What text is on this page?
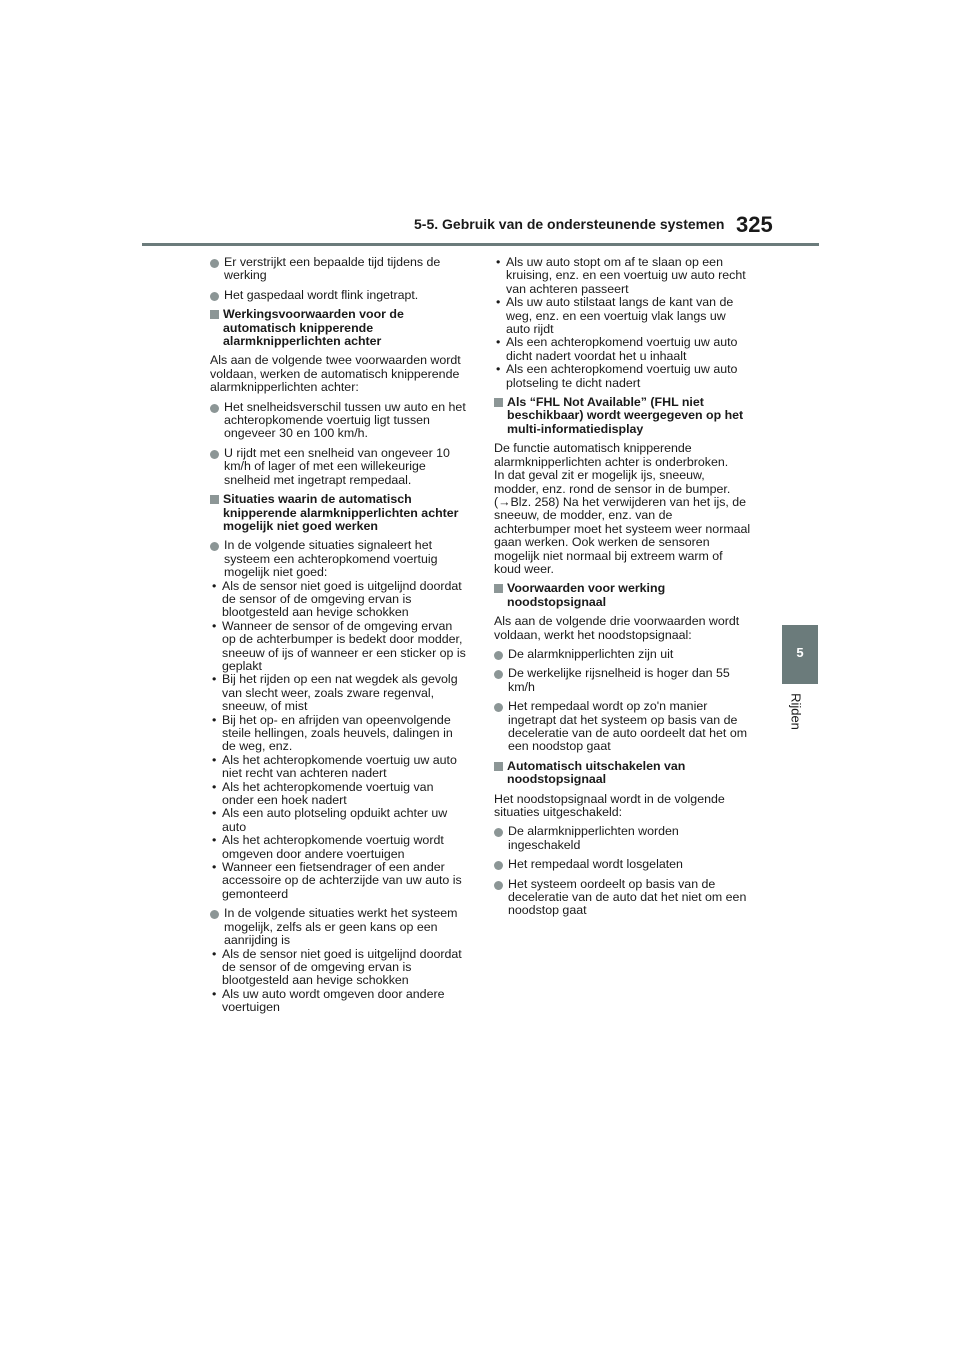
5-5. Gebruik van de ondersteunende systemen 325
5
Rijden
Er verstrijkt een bepaalde tijd tijdens de werking
Het gaspedaal wordt flink ingetrapt.
Werkingsvoorwaarden voor de automatisch knipperende alarmknipperlichten achter
Als aan de volgende twee voorwaarden wordt voldaan, werken de automatisch knipperende alarmknipperlichten achter:
Het snelheidsverschil tussen uw auto en het achteropkomende voertuig ligt tussen ongeveer 30 en 100 km/h.
U rijdt met een snelheid van ongeveer 10 km/h of lager of met een willekeurige snelheid met ingetrapt rempedaal.
Situaties waarin de automatisch knipperende alarmknipperlichten achter mogelijk niet goed werken
In de volgende situaties signaleert het systeem een achteropkomend voertuig mogelijk niet goed:
• Als de sensor niet goed is uitgelijnd doordat de sensor of de omgeving ervan is blootgesteld aan hevige schokken
• Wanneer de sensor of de omgeving ervan op de achterbumper is bedekt door modder, sneeuw of ijs of wanneer er een sticker op is geplakt
• Bij het rijden op een nat wegdek als gevolg van slecht weer, zoals zware regenval, sneeuw, of mist
• Bij het op- en afrijden van opeenvolgende steile hellingen, zoals heuvels, dalingen in de weg, enz.
• Als het achteropkomende voertuig uw auto niet recht van achteren nadert
• Als het achteropkomende voertuig van onder een hoek nadert
• Als een auto plotseling opduikt achter uw auto
• Als het achteropkomende voertuig wordt omgeven door andere voertuigen
• Wanneer een fietsendrager of een ander accessoire op de achterzijde van uw auto is gemonteerd
In de volgende situaties werkt het systeem mogelijk, zelfs als er geen kans op een aanrijding is
• Als de sensor niet goed is uitgelijnd doordat de sensor of de omgeving ervan is blootgesteld aan hevige schokken
• Als uw auto wordt omgeven door andere voertuigen
• Als uw auto stopt om af te slaan op een kruising, enz. en een voertuig uw auto recht van achteren passeert
• Als uw auto stilstaat langs de kant van de weg, enz. en een voertuig vlak langs uw auto rijdt
• Als een achteropkomend voertuig uw auto dicht nadert voordat het u inhaalt
• Als een achteropkomend voertuig uw auto plotseling te dicht nadert
Als “FHL Not Available” (FHL niet beschikbaar) wordt weergegeven op het multi-informatiedisplay
De functie automatisch knipperende alarmknipperlichten achter is onderbroken.
In dat geval zit er mogelijk ijs, sneeuw, modder, enz. rond de sensor in de bumper. (→Blz. 258) Na het verwijderen van het ijs, de sneeuw, de modder, enz. van de achterbumper moet het systeem weer normaal gaan werken. Ook werken de sensoren mogelijk niet normaal bij extreem warm of koud weer.
Voorwaarden voor werking noodstopsignaal
Als aan de volgende drie voorwaarden wordt voldaan, werkt het noodstopsignaal:
De alarmknipperlichten zijn uit
De werkelijke rijsnelheid is hoger dan 55 km/h
Het rempedaal wordt op zo'n manier ingetrapt dat het systeem op basis van de deceleratie van de auto oordeelt dat het om een noodstop gaat
Automatisch uitschakelen van noodstopsignaal
Het noodstopsignaal wordt in de volgende situaties uitgeschakeld:
De alarmknipperlichten worden ingeschakeld
Het rempedaal wordt losgelaten
Het systeem oordeelt op basis van de deceleratie van de auto dat het niet om een noodstop gaat
